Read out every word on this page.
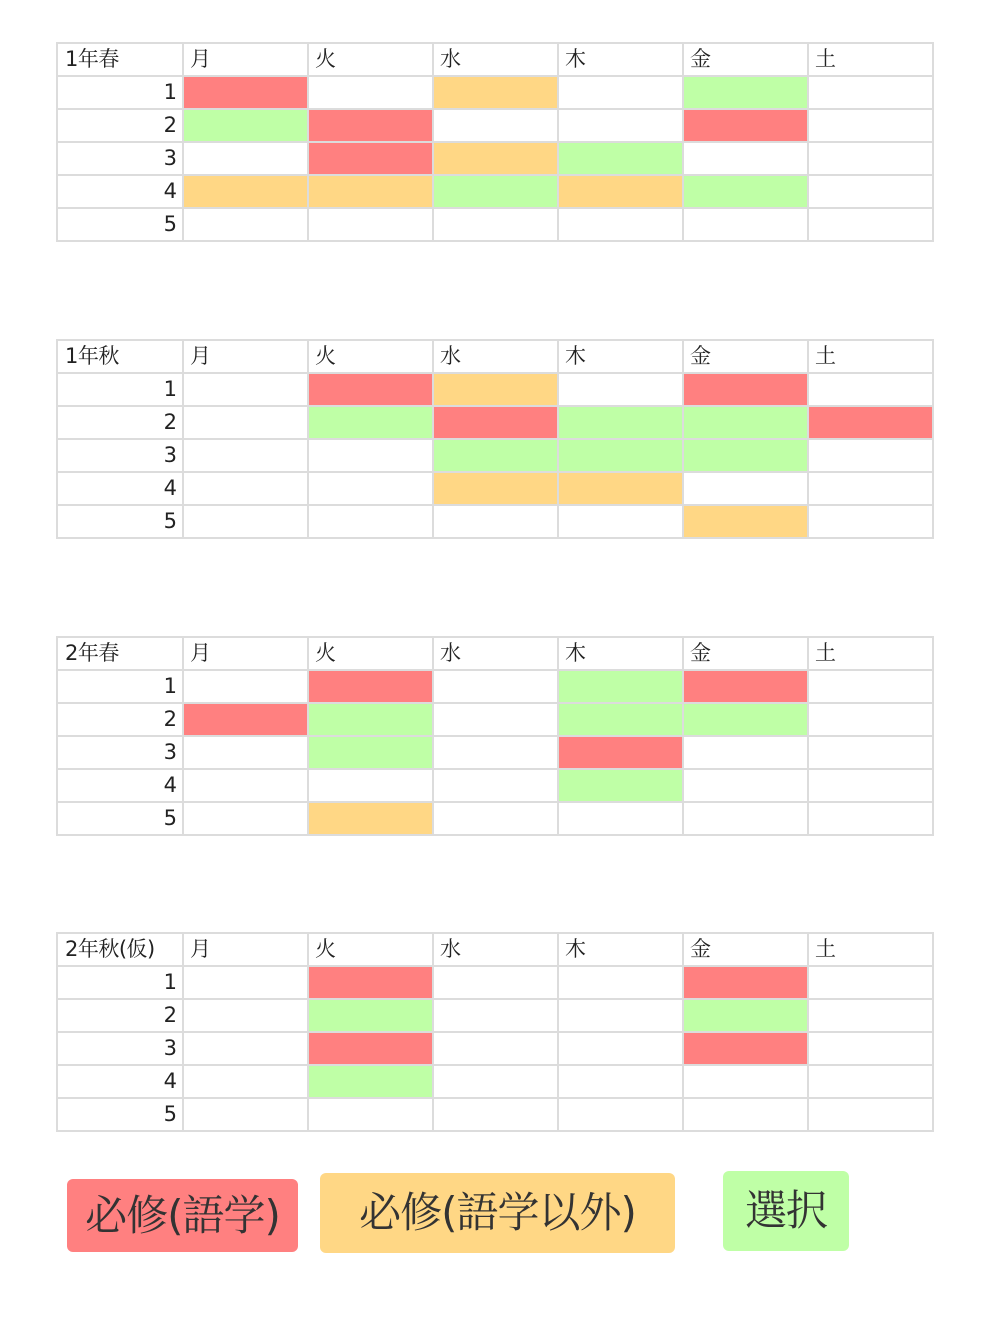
1年春	月	火	水	木	金	土
1						
2						
3						
4						
5						
1年秋	月	火	水	木	金	土
1						
2						
3						
4						
5						
2年春	月	火	水	木	金	土
1						
2						
3						
4						
5						
2年秋(仮)	月	火	水	木	金	土
1						
2						
3						
4						
5						
必修(語学)	必修(語学以外)	選択
